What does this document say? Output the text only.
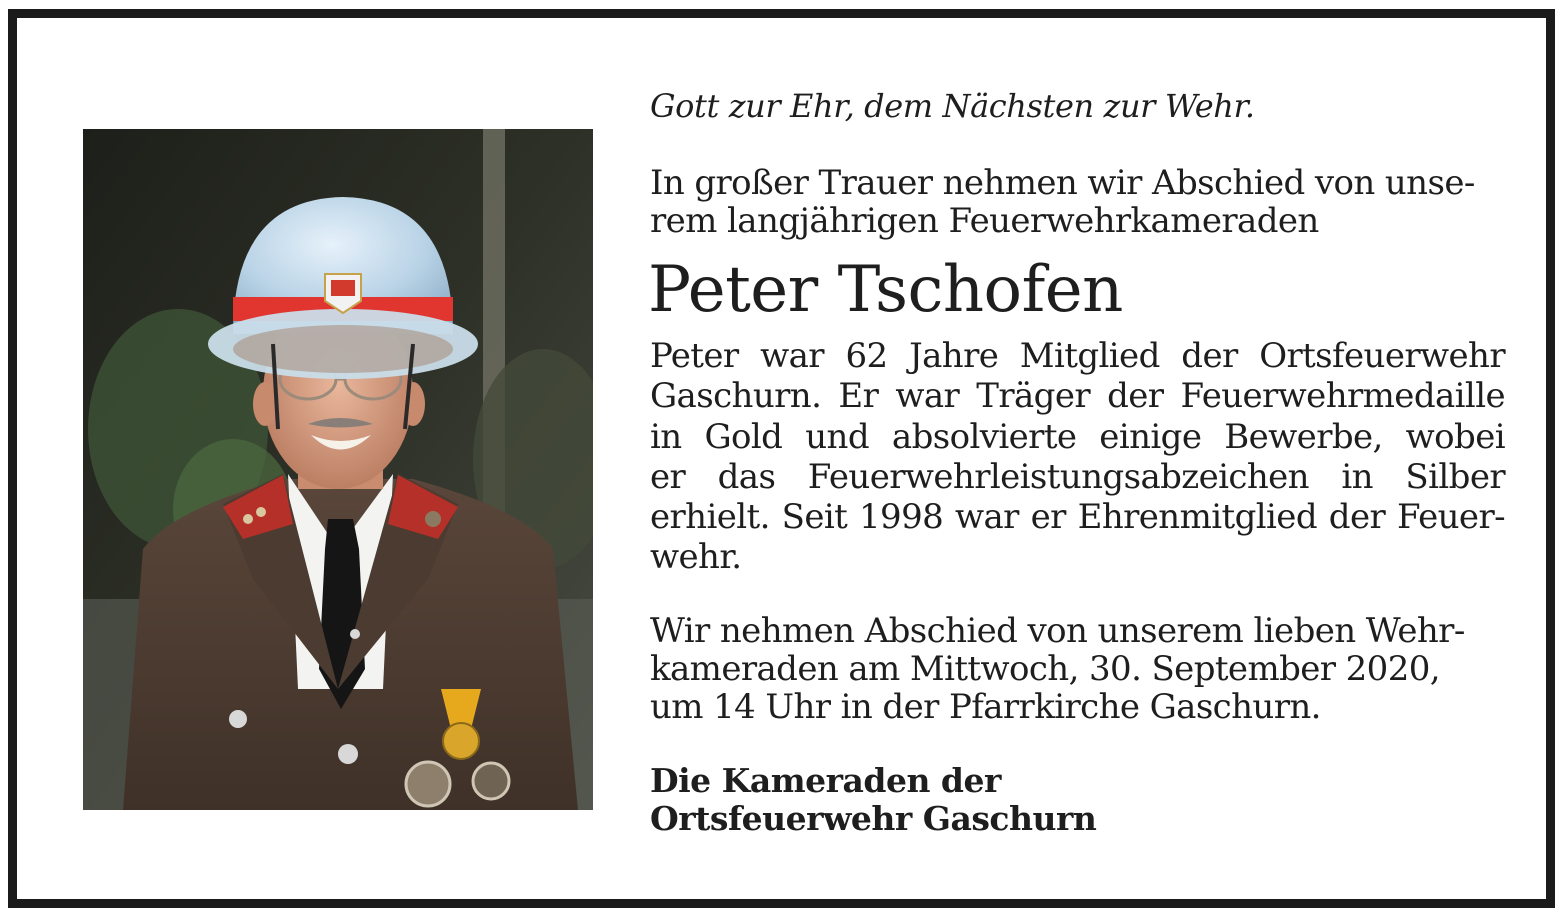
Gott zur Ehr, dem Nächsten zur Wehr.

In großer Trauer nehmen wir Abschied von unse-
rem langjährigen Feuerwehrkameraden

Peter Tschofen

Peter war 62 Jahre Mitglied der Ortsfeuerwehr
Gaschurn. Er war Träger der Feuerwehrmedaille
in Gold und absolvierte einige Bewerbe, wobei
er das Feuerwehrleistungsabzeichen in Silber
erhielt. Seit 1998 war er Ehrenmitglied der Feuer-
wehr.

Wir nehmen Abschied von unserem lieben Wehr-
kameraden am Mittwoch, 30. September 2020,
um 14 Uhr in der Pfarrkirche Gaschurn.

Die Kameraden der
Ortsfeuerwehr Gaschurn
